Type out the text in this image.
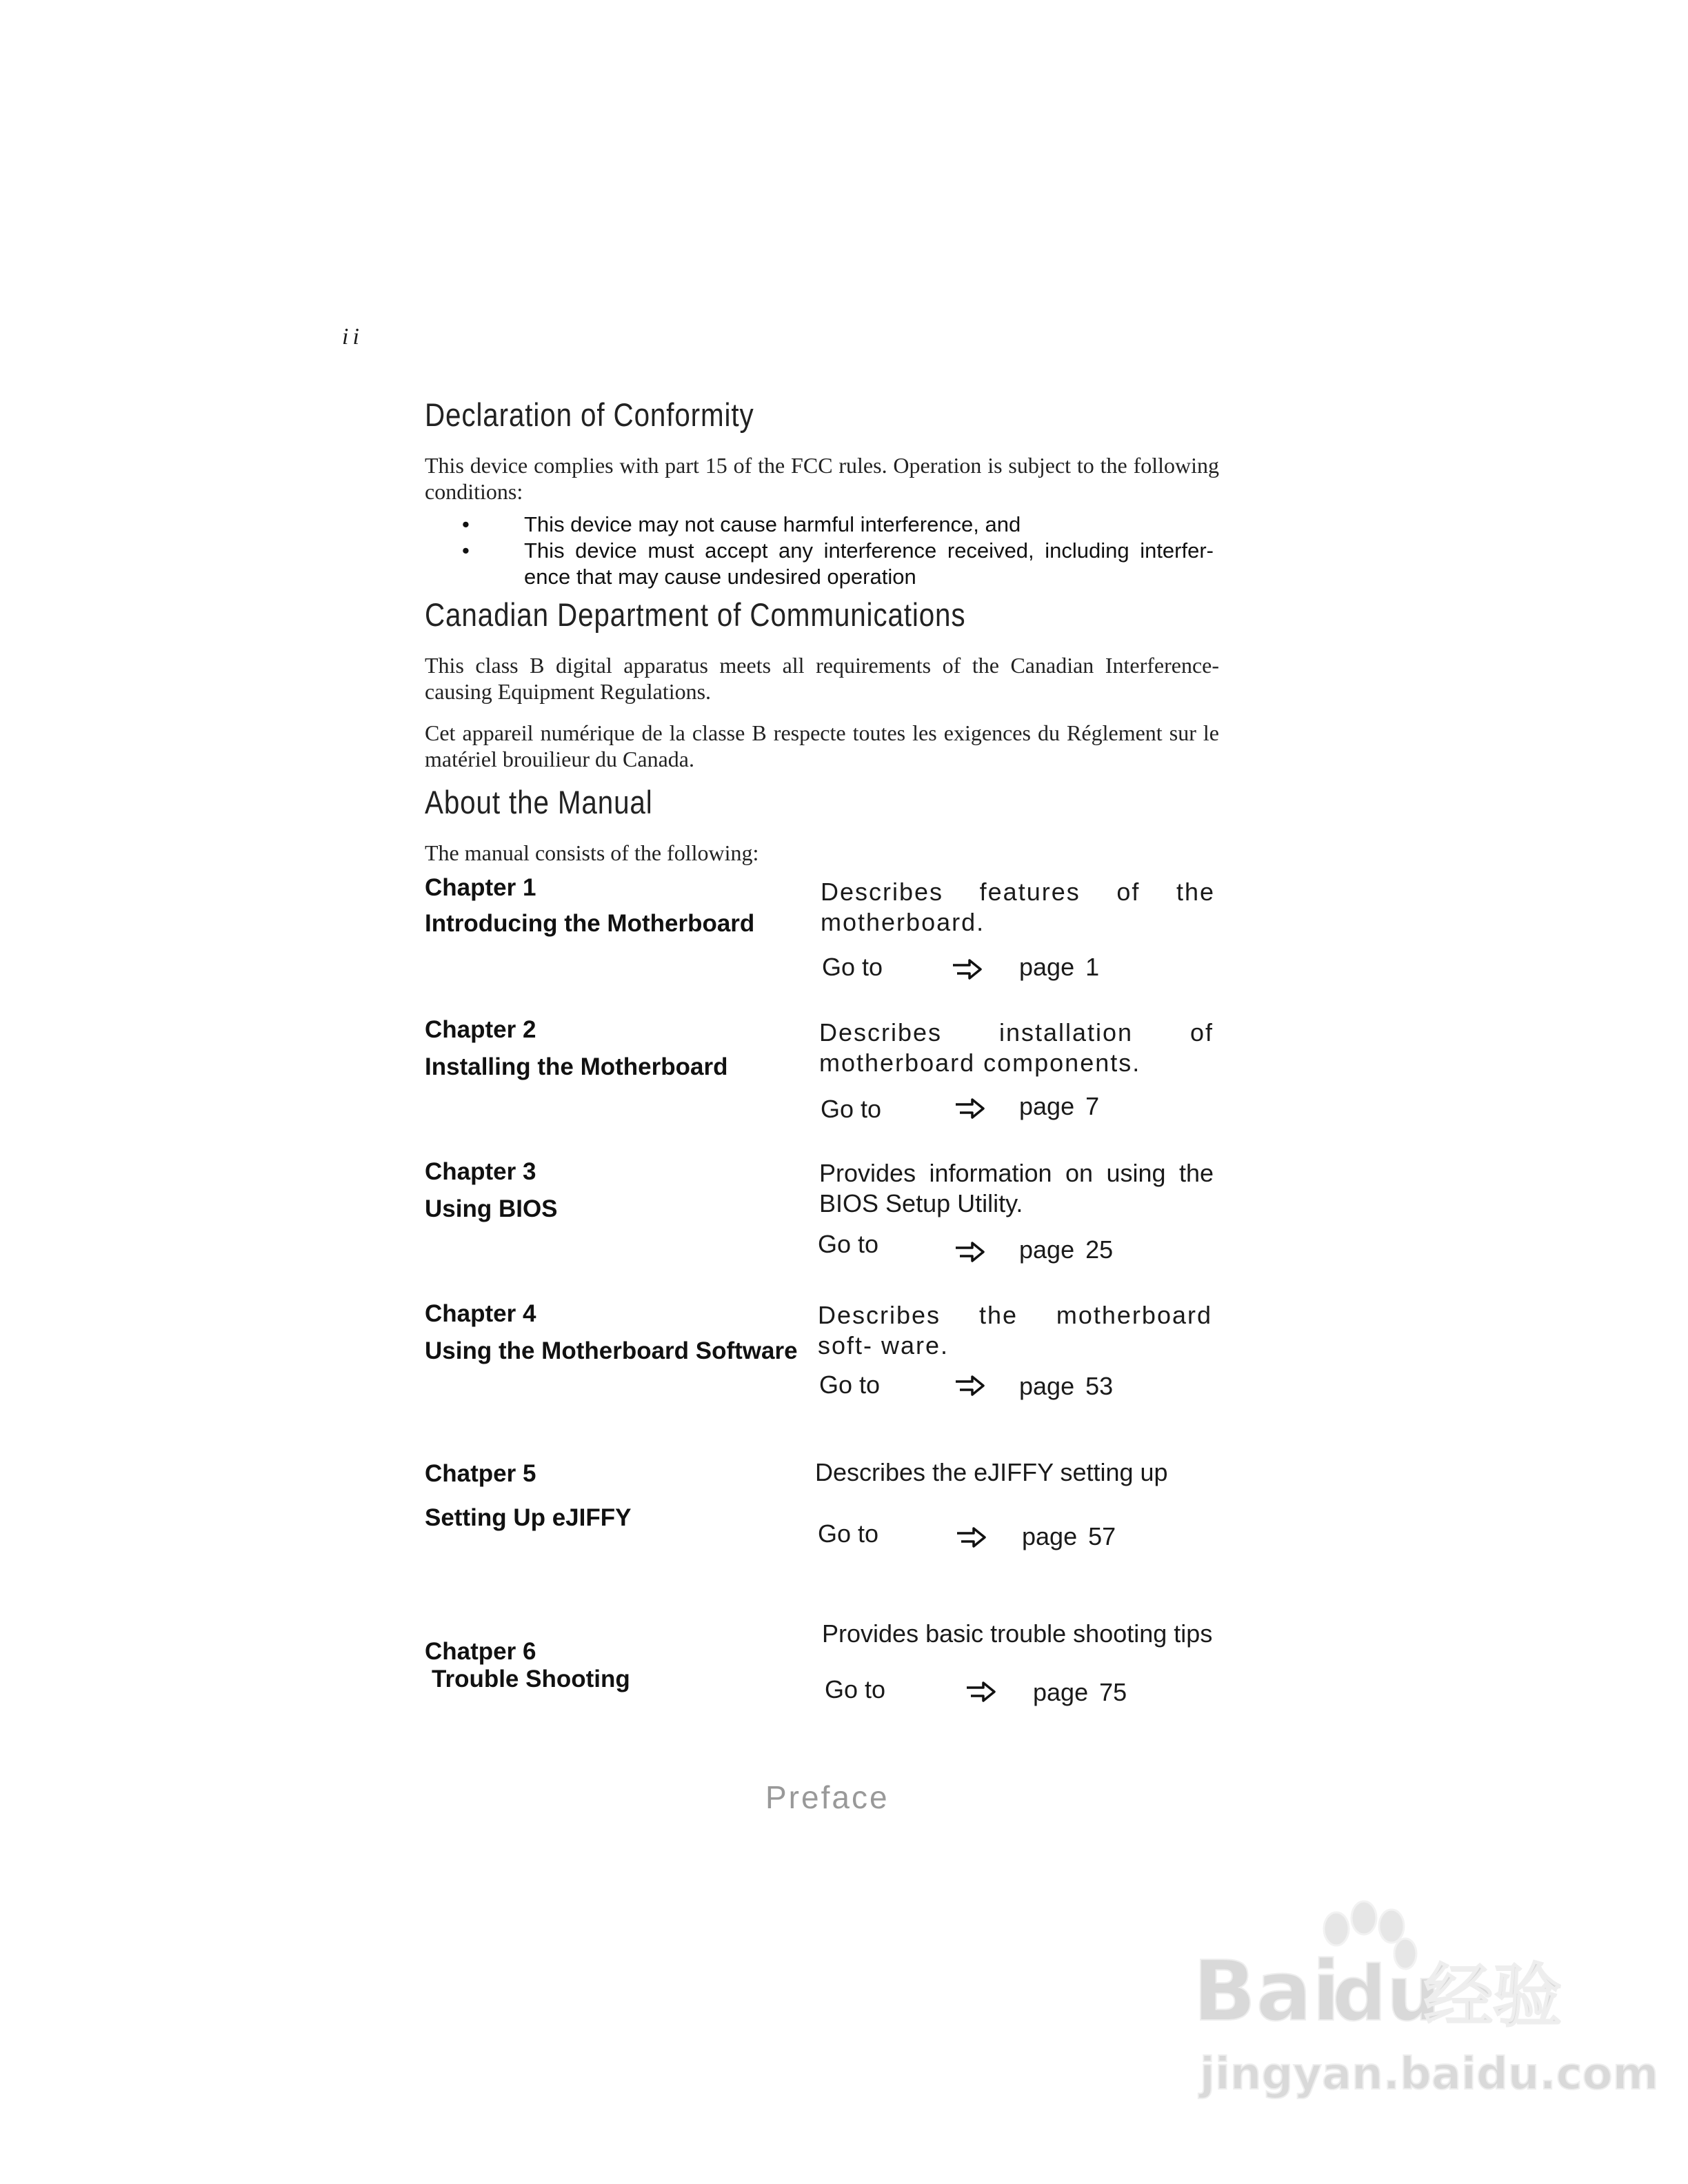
ii
Declaration of Conformity
This device complies with part 15 of the FCC rules. Operation is subject to the following conditions:
•	This device may not cause harmful interference, and
•	This device must accept any interference received, including interfer- ence that may cause undesired operation
Canadian Department of Communications
This class B digital apparatus meets all requirements of the Canadian Interference- causing Equipment Regulations.
Cet appareil numérique de la classe B respecte toutes les exigences du Réglement sur le matériel brouilieur du Canada.
About the Manual
The manual consists of the following:
Chapter 1
Introducing the Motherboard
Describes features of the motherboard.
Go to	page 1
Chapter 2
Installing the Motherboard
Describes installation of motherboard components.
Go to	page 7
Chapter 3
Using BIOS
Provides information on using the BIOS Setup Utility.
Go to	page 25
Chapter 4
Using the Motherboard Software
Describes the motherboard soft- ware.
Go to	page 53
Chatper 5
Setting Up eJIFFY
Describes the eJIFFY setting up
Go to	page 57
Chatper 6
Trouble Shooting
Provides basic trouble shooting tips
Go to	page 75
Preface
Bai
du
经验
jingyan.baidu.com
